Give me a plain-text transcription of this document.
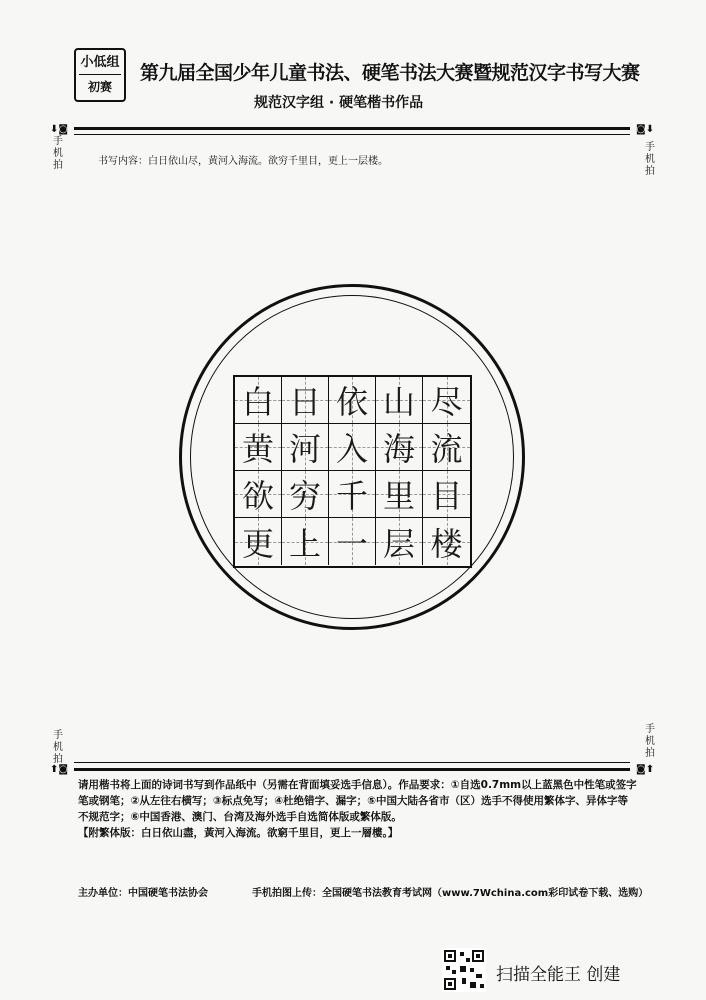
小低组
初赛
第九届全国少年儿童书法、硬笔书法大赛暨规范汉字书写大赛
规范汉字组 · 硬笔楷书作品
⬇◙	◙⬇
手机拍
手机拍
书写内容：白日依山尽，黄河入海流。欲穷千里目，更上一层楼。
白 日 依 山 尽
黄 河 入 海 流
欲 穷 千 里 目
更 上 一 层 楼
手机拍
手机拍
⬆◙	◙⬆
请用楷书将上面的诗词书写到作品纸中（另需在背面填妥选手信息）。作品要求：①自选0.7mm以上蓝黑色中性笔或签字笔或钢笔；②从左往右横写；③标点免写；④杜绝错字、漏字；⑤中国大陆各省市（区）选手不得使用繁体字、异体字等不规范字；⑥中国香港、澳门、台湾及海外选手自选简体版或繁体版。
【附繁体版：白日依山盡，黃河入海流。欲窮千里目，更上一層樓。】
主办单位：中国硬笔书法协会	手机拍图上传：全国硬笔书法教育考试网（www.7Wchina.com彩印试卷下载、选购）
扫描全能王 创建
